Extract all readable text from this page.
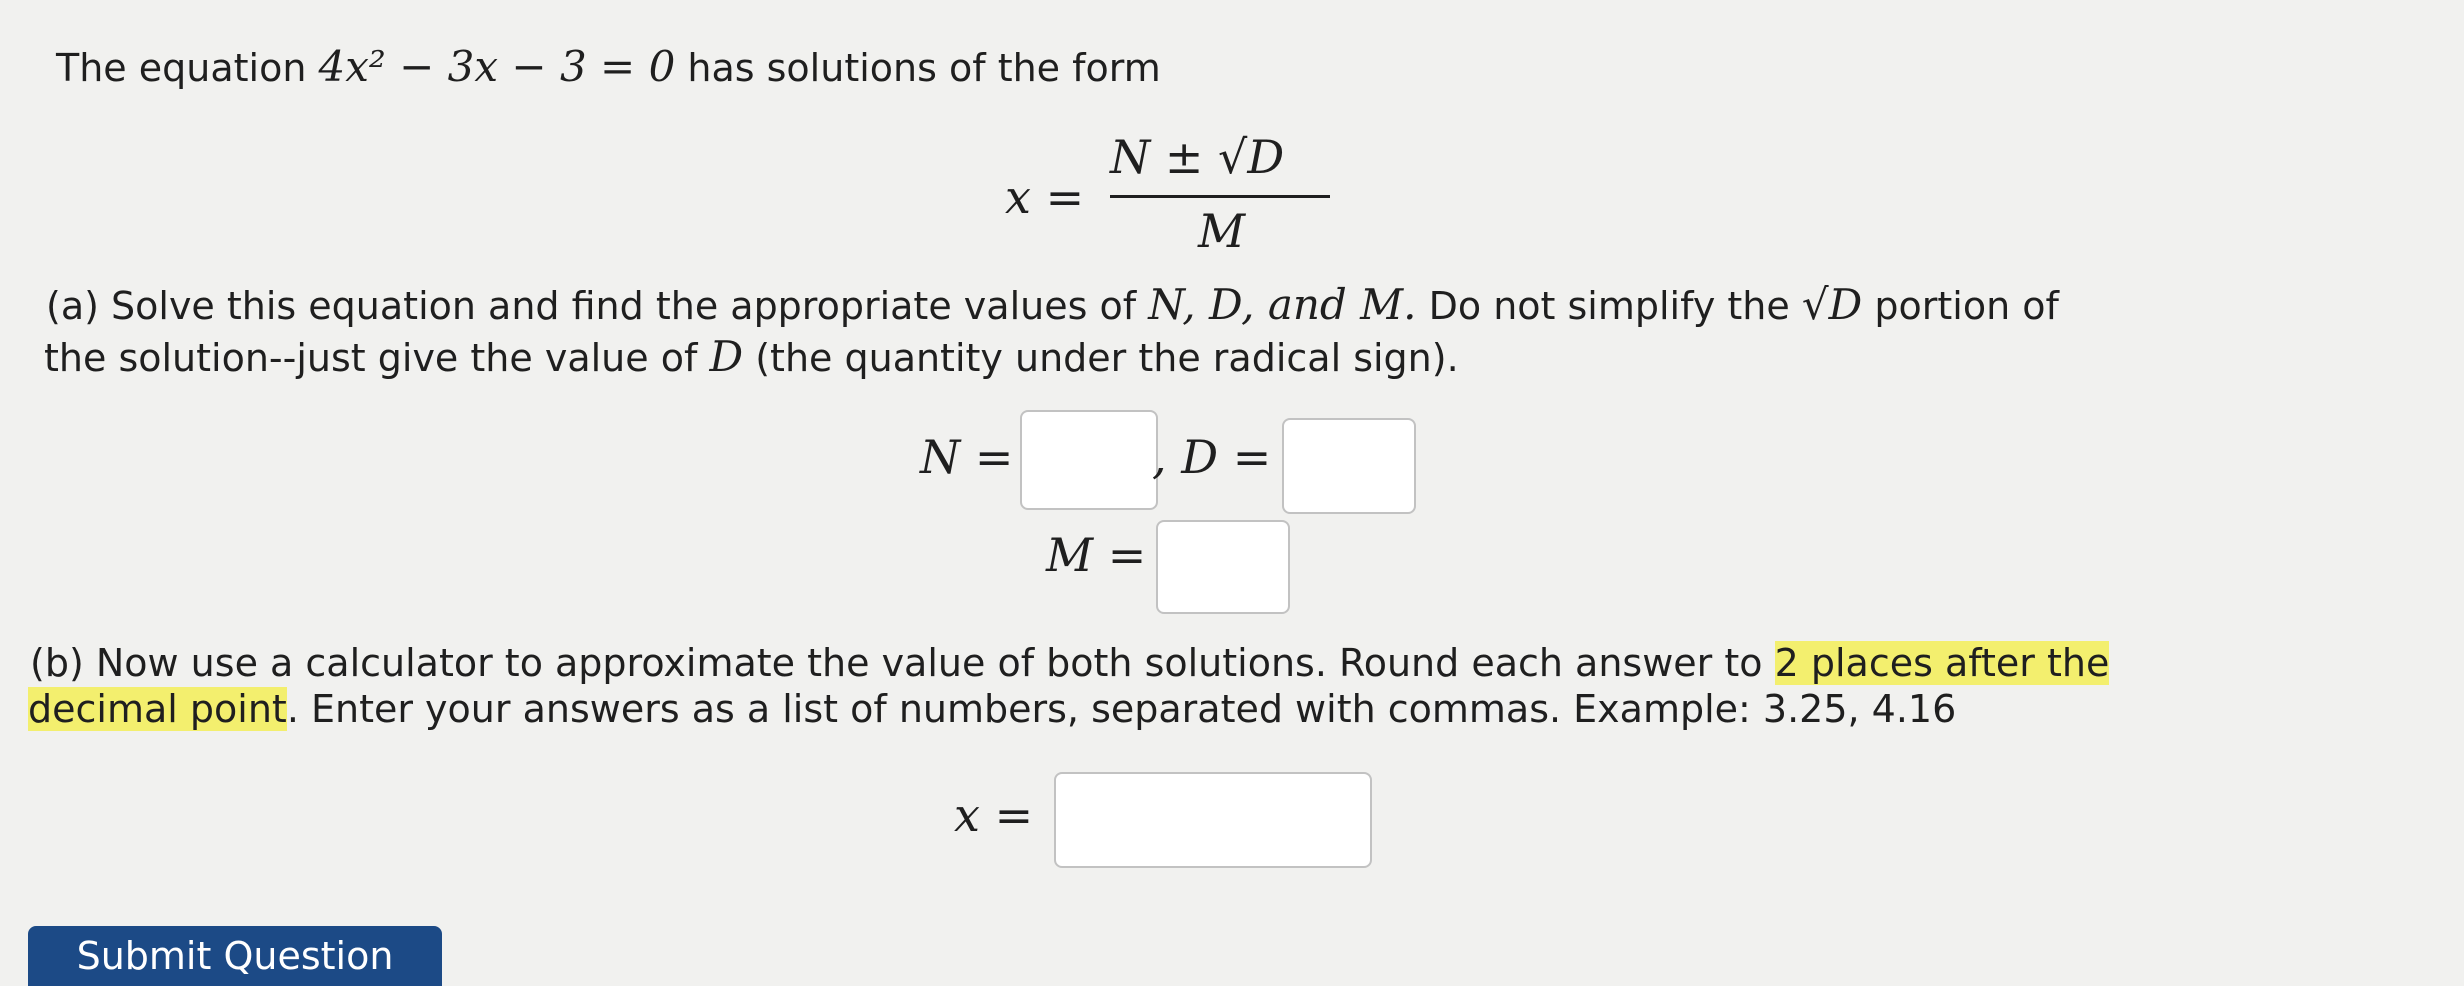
The equation 4x² − 3x − 3 = 0 has solutions of the form
x =
N ± √D
M
(a) Solve this equation and find the appropriate values of N, D, and M. Do not simplify the √D portion of
the solution--just give the value of D (the quantity under the radical sign).
N =	, D =
M =
(b) Now use a calculator to approximate the value of both solutions. Round each answer to 2 places after the
decimal point. Enter your answers as a list of numbers, separated with commas. Example: 3.25, 4.16
x =
Submit Question
